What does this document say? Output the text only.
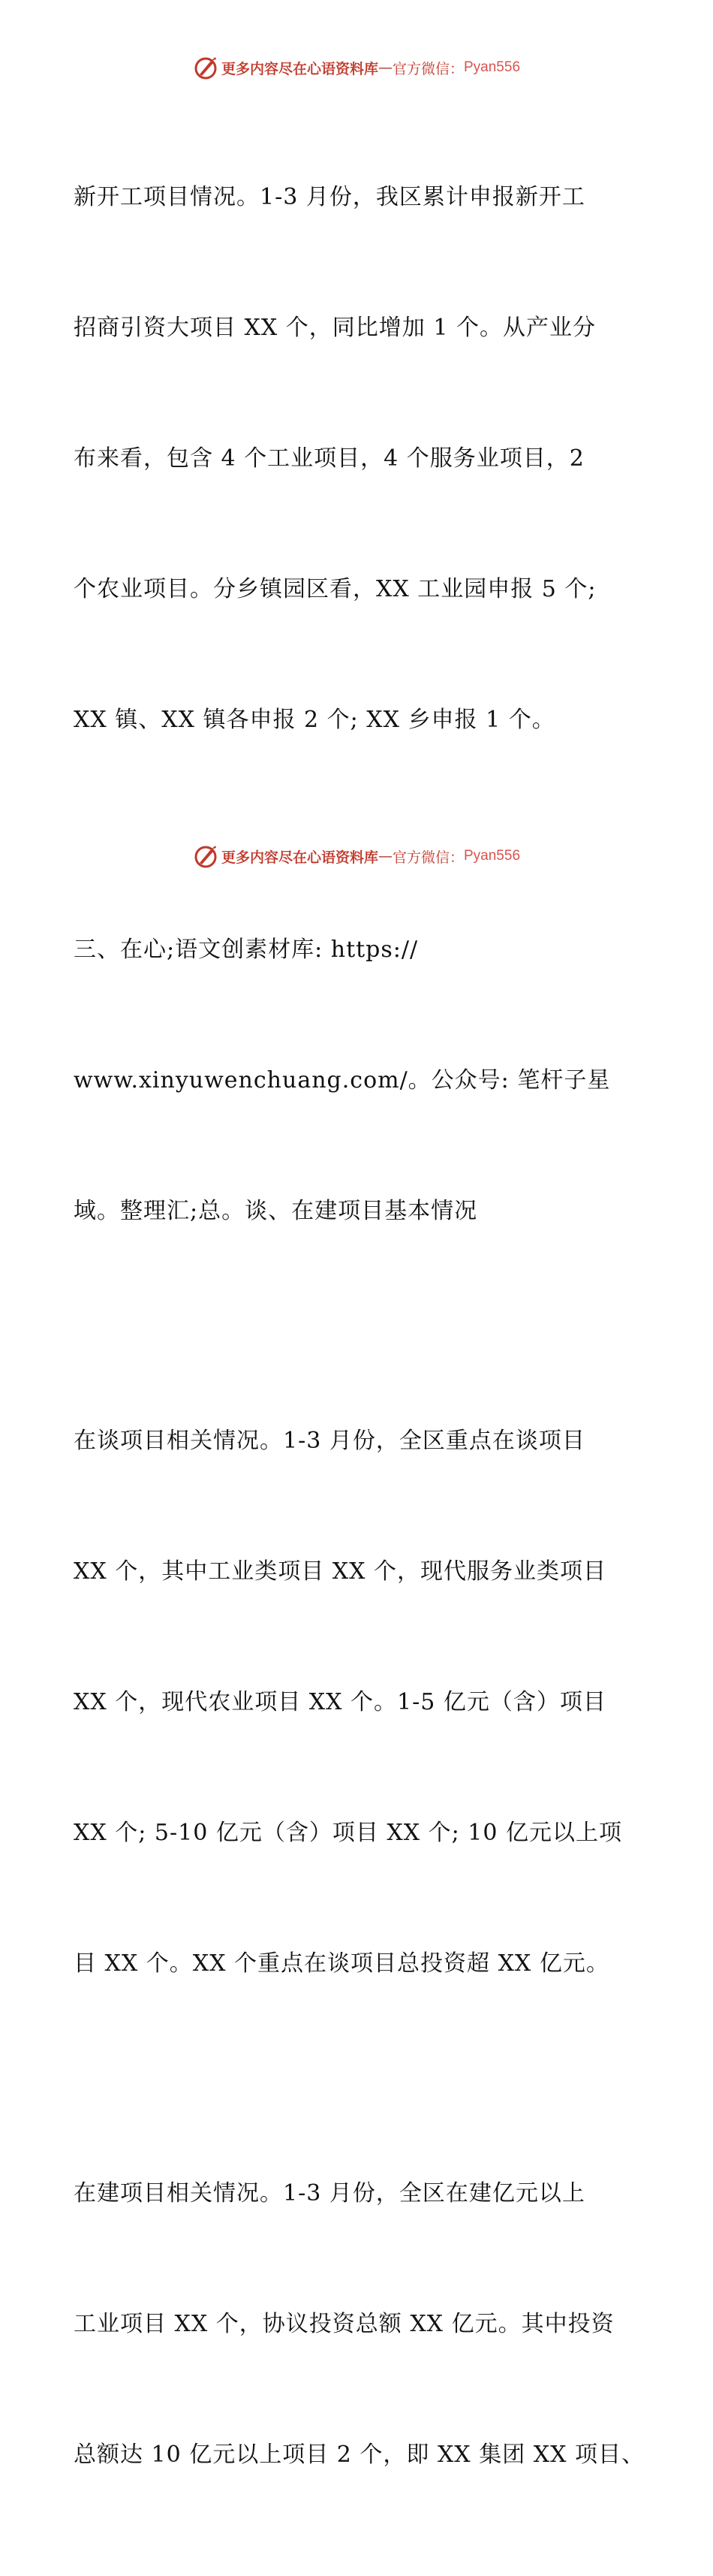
更多内容尽在心语资料库 — 官方微信： Pyan556

新开工项目情况。1-3 月份，我区累计申报新开工

招商引资大项目 XX 个，同比增加 1 个。从产业分

布来看，包含 4 个工业项目，4 个服务业项目，2

个农业项目。分乡镇园区看，XX 工业园申报 5 个;

XX 镇、XX 镇各申报 2 个; XX 乡申报 1 个。

三、在心;语文创素材库: https://

www.xinyuwenchuang.com/。公众号: 笔杆子星

域。整理汇;总。谈、在建项目基本情况

在谈项目相关情况。1-3 月份，全区重点在谈项目

XX 个，其中工业类项目 XX 个，现代服务业类项目

XX 个，现代农业项目 XX 个。1-5 亿元（含）项目

XX 个; 5-10 亿元（含）项目 XX 个; 10 亿元以上项

目 XX 个。XX 个重点在谈项目总投资超 XX 亿元。

在建项目相关情况。1-3 月份，全区在建亿元以上

工业项目 XX 个，协议投资总额 XX 亿元。其中投资

总额达 10 亿元以上项目 2 个，即 XX 集团 XX 项目、

更多内容尽在心语资料库 — 官方微信： Pyan556
